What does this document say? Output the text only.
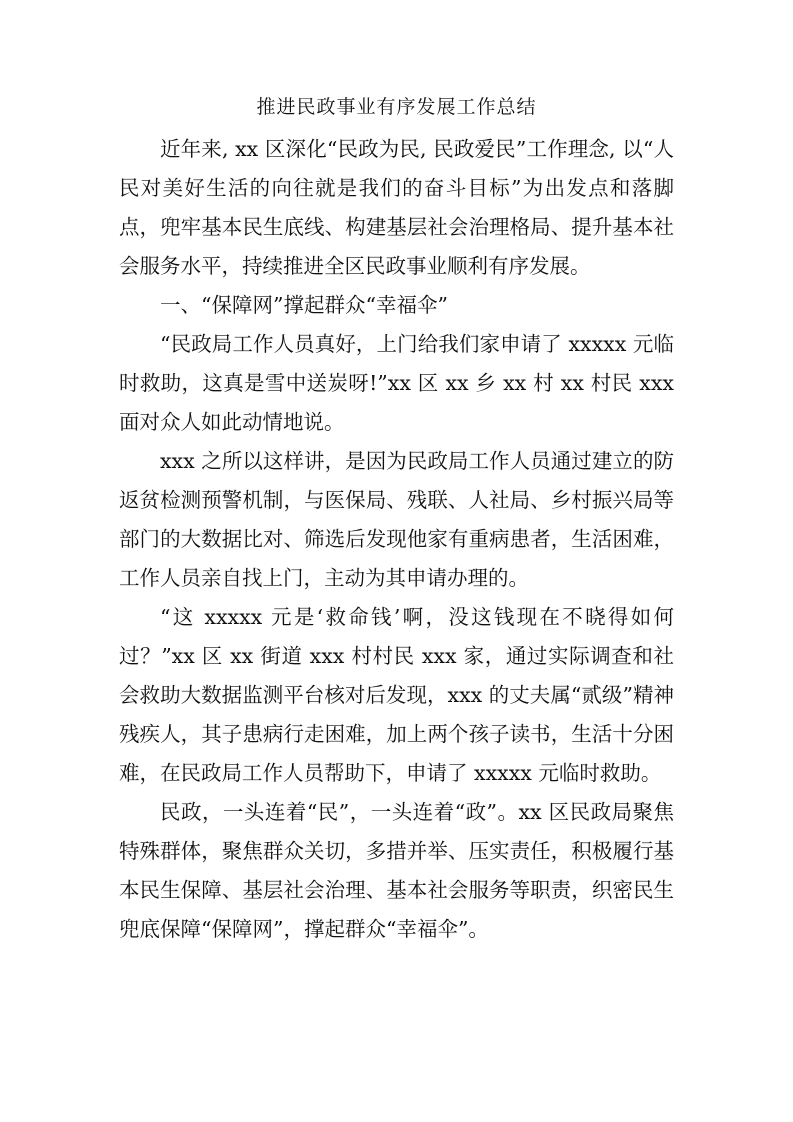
推进民政事业有序发展工作总结

近年来, xx 区深化“民政为民, 民政爱民”工作理念, 以“人民对美好生活的向往就是我们的奋斗目标”为出发点和落脚点，兜牢基本民生底线、构建基层社会治理格局、提升基本社会服务水平，持续推进全区民政事业顺利有序发展。

一、“保障网”撑起群众“幸福伞”

“民政局工作人员真好，上门给我们家申请了 xxxxx 元临时救助，这真是雪中送炭呀!”xx 区 xx 乡 xx 村 xx 村民 xxx 面对众人如此动情地说。

xxx 之所以这样讲，是因为民政局工作人员通过建立的防返贫检测预警机制，与医保局、残联、人社局、乡村振兴局等部门的大数据比对、筛选后发现他家有重病患者，生活困难，工作人员亲自找上门，主动为其申请办理的。

“这 xxxxx 元是‘救命钱’啊，没这钱现在不晓得如何过？”xx 区 xx 街道 xxx 村村民 xxx 家，通过实际调查和社会救助大数据监测平台核对后发现，xxx 的丈夫属“贰级”精神残疾人，其子患病行走困难，加上两个孩子读书，生活十分困难，在民政局工作人员帮助下，申请了 xxxxx 元临时救助。

民政，一头连着“民”，一头连着“政”。xx 区民政局聚焦特殊群体，聚焦群众关切，多措并举、压实责任，积极履行基本民生保障、基层社会治理、基本社会服务等职责，织密民生兜底保障“保障网”，撑起群众“幸福伞”。
